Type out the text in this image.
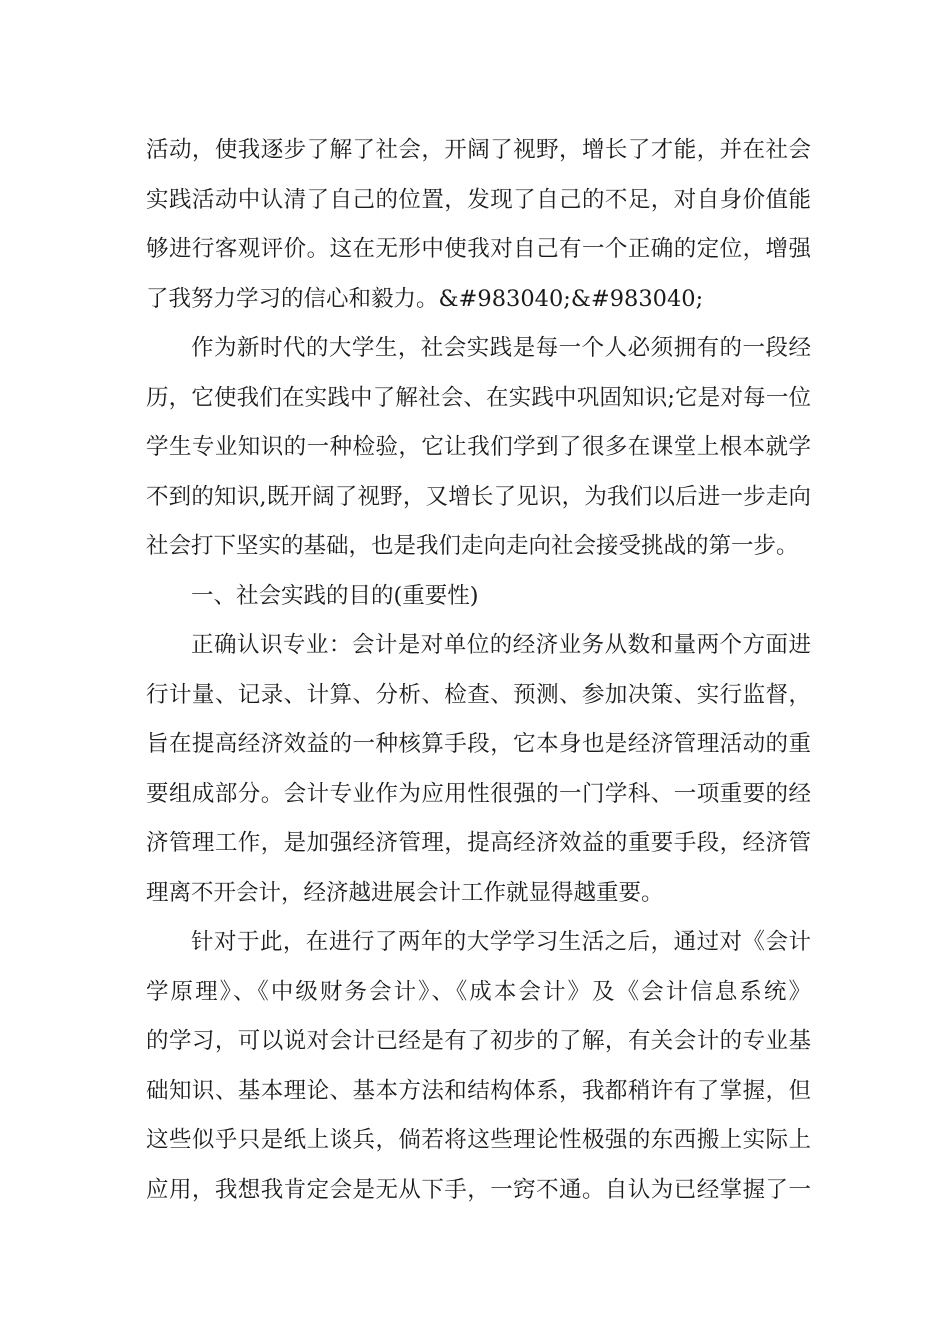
活动，使我逐步了解了社会，开阔了视野，增长了才能，并在社会
实践活动中认清了自己的位置，发现了自己的不足，对自身价值能
够进行客观评价。这在无形中使我对自己有一个正确的定位，增强
了我努力学习的信心和毅力。&#983040;&#983040;
作为新时代的大学生，社会实践是每一个人必须拥有的一段经
历，它使我们在实践中了解社会、在实践中巩固知识;它是对每一位
学生专业知识的一种检验，它让我们学到了很多在课堂上根本就学
不到的知识,既开阔了视野，又增长了见识，为我们以后进一步走向
社会打下坚实的基础，也是我们走向走向社会接受挑战的第一步。
一、社会实践的目的(重要性)
正确认识专业：会计是对单位的经济业务从数和量两个方面进
行计量、记录、计算、分析、检查、预测、参加决策、实行监督，
旨在提高经济效益的一种核算手段，它本身也是经济管理活动的重
要组成部分。会计专业作为应用性很强的一门学科、一项重要的经
济管理工作，是加强经济管理，提高经济效益的重要手段，经济管
理离不开会计，经济越进展会计工作就显得越重要。
针对于此，在进行了两年的大学学习生活之后，通过对《会计
学原理》、《中级财务会计》、《成本会计》及《会计信息系统》
的学习，可以说对会计已经是有了初步的了解，有关会计的专业基
础知识、基本理论、基本方法和结构体系，我都稍许有了掌握，但
这些似乎只是纸上谈兵，倘若将这些理论性极强的东西搬上实际上
应用，我想我肯定会是无从下手，一窍不通。自认为已经掌握了一
